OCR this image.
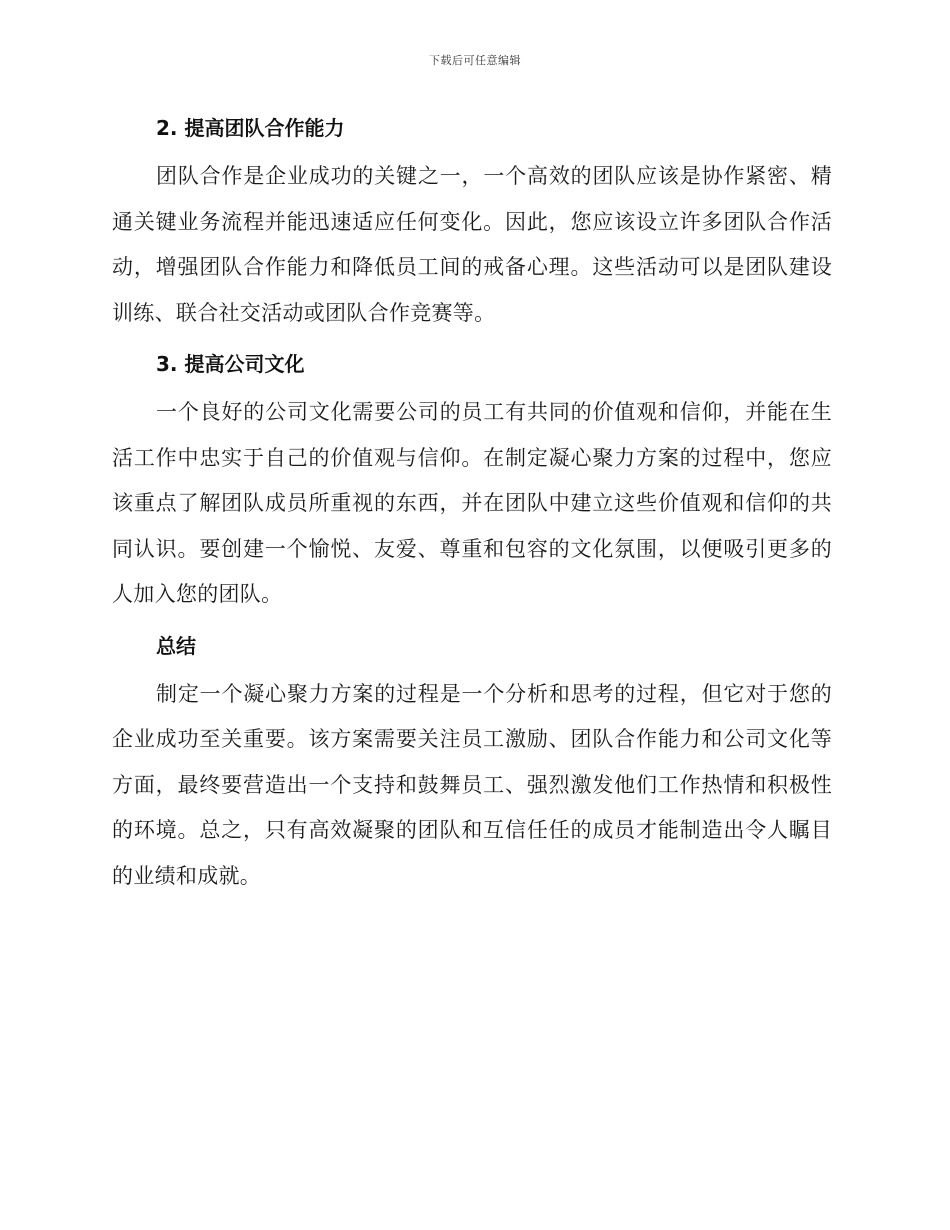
下载后可任意编辑
2. 提高团队合作能力

团队合作是企业成功的关键之一，一个高效的团队应该是协作紧密、精通关键业务流程并能迅速适应任何变化。因此，您应该设立许多团队合作活动，增强团队合作能力和降低员工间的戒备心理。这些活动可以是团队建设训练、联合社交活动或团队合作竞赛等。

3. 提高公司文化

一个良好的公司文化需要公司的员工有共同的价值观和信仰，并能在生活工作中忠实于自己的价值观与信仰。在制定凝心聚力方案的过程中，您应该重点了解团队成员所重视的东西，并在团队中建立这些价值观和信仰的共同认识。要创建一个愉悦、友爱、尊重和包容的文化氛围，以便吸引更多的人加入您的团队。

总结

制定一个凝心聚力方案的过程是一个分析和思考的过程，但它对于您的企业成功至关重要。该方案需要关注员工激励、团队合作能力和公司文化等方面，最终要营造出一个支持和鼓舞员工、强烈激发他们工作热情和积极性的环境。总之，只有高效凝聚的团队和互信任任的成员才能制造出令人瞩目的业绩和成就。
